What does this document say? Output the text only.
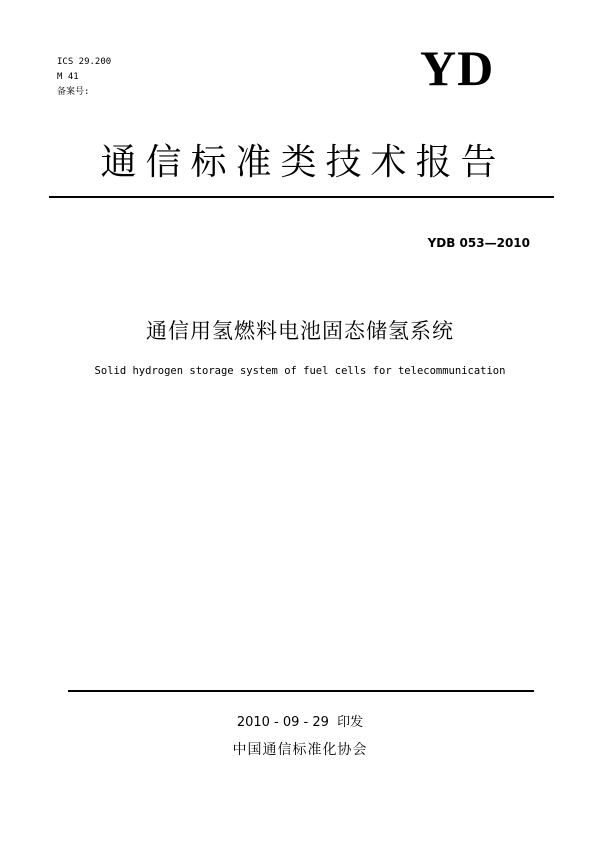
ICS 29.200
M 41
备案号:	YD
通信标准类技术报告
YDB 053—2010
通信用氢燃料电池固态储氢系统
Solid hydrogen storage system of fuel cells for telecommunication
2010 - 09 - 29  印发
中国通信标准化协会
